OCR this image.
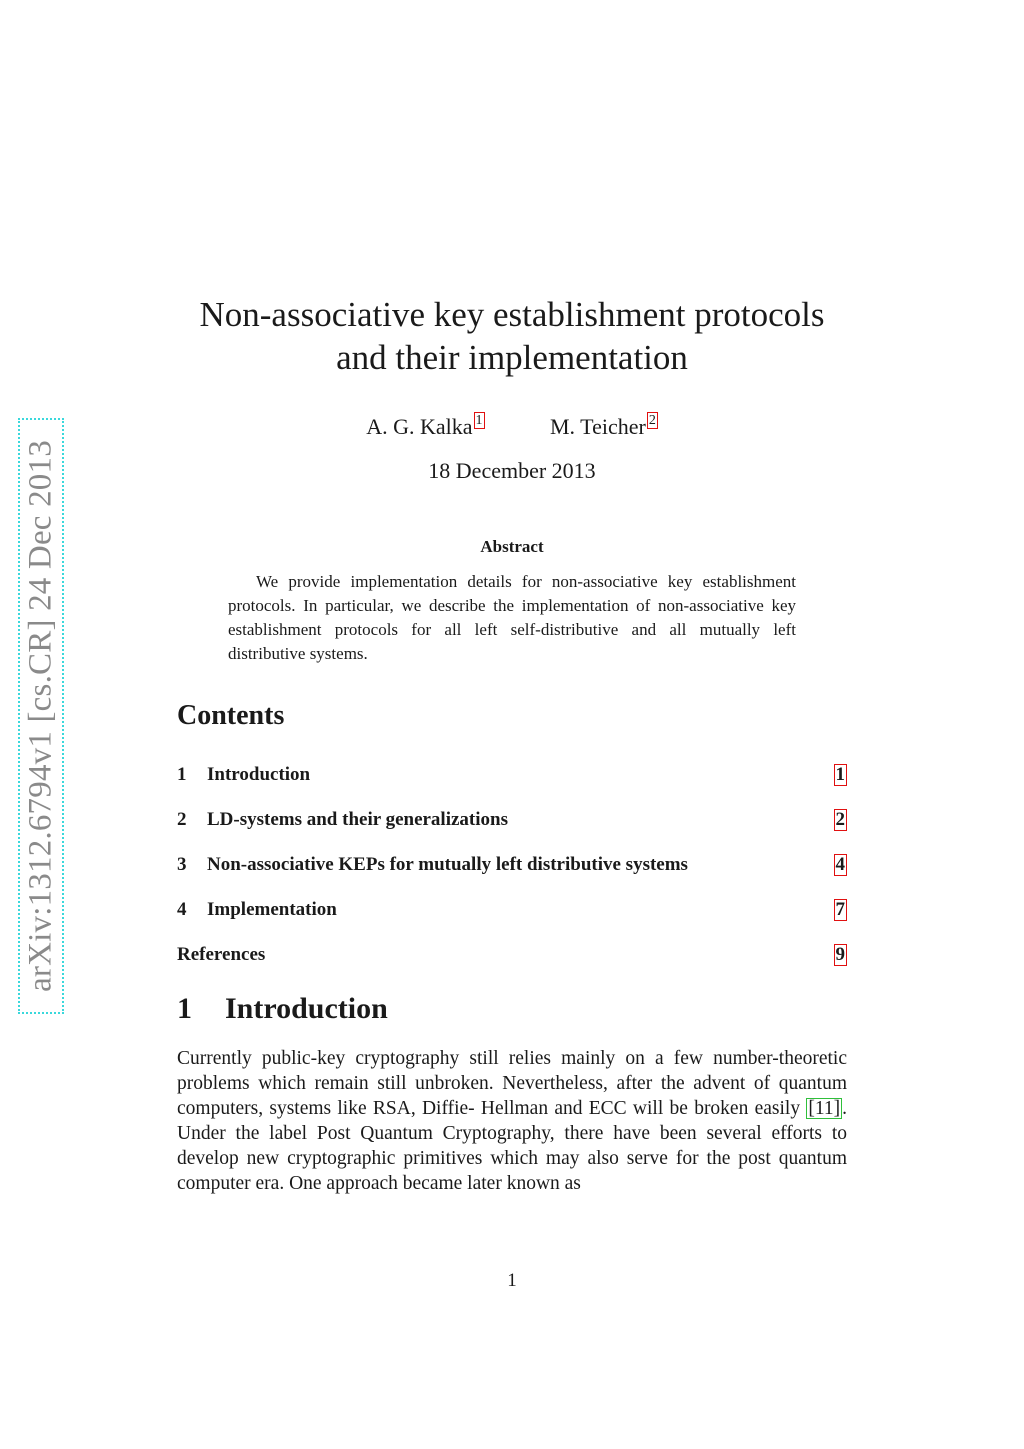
arXiv:1312.6794v1 [cs.CR] 24 Dec 2013
Non-associative key establishment protocols
and their implementation
A. G. Kalka 1	M. Teicher 2
18 December 2013
Abstract

We provide implementation details for non-associative key establishment protocols. In particular, we describe the implementation of non-associative key establishment protocols for all left self-distributive and all mutually left distributive systems.

Contents
1	Introduction	1
2	LD-systems and their generalizations	2
3	Non-associative KEPs for mutually left distributive systems	4
4	Implementation	7
References	9
1	Introduction

Currently public-key cryptography still relies mainly on a few number-theoretic problems which remain still unbroken. Nevertheless, after the advent of quantum computers, systems like RSA, Diffie- Hellman and ECC will be broken easily [11] . Under the label Post Quantum Cryptography, there have been several efforts to develop new cryptographic primitives which may also serve for the post quantum computer era. One approach became later known as

1
